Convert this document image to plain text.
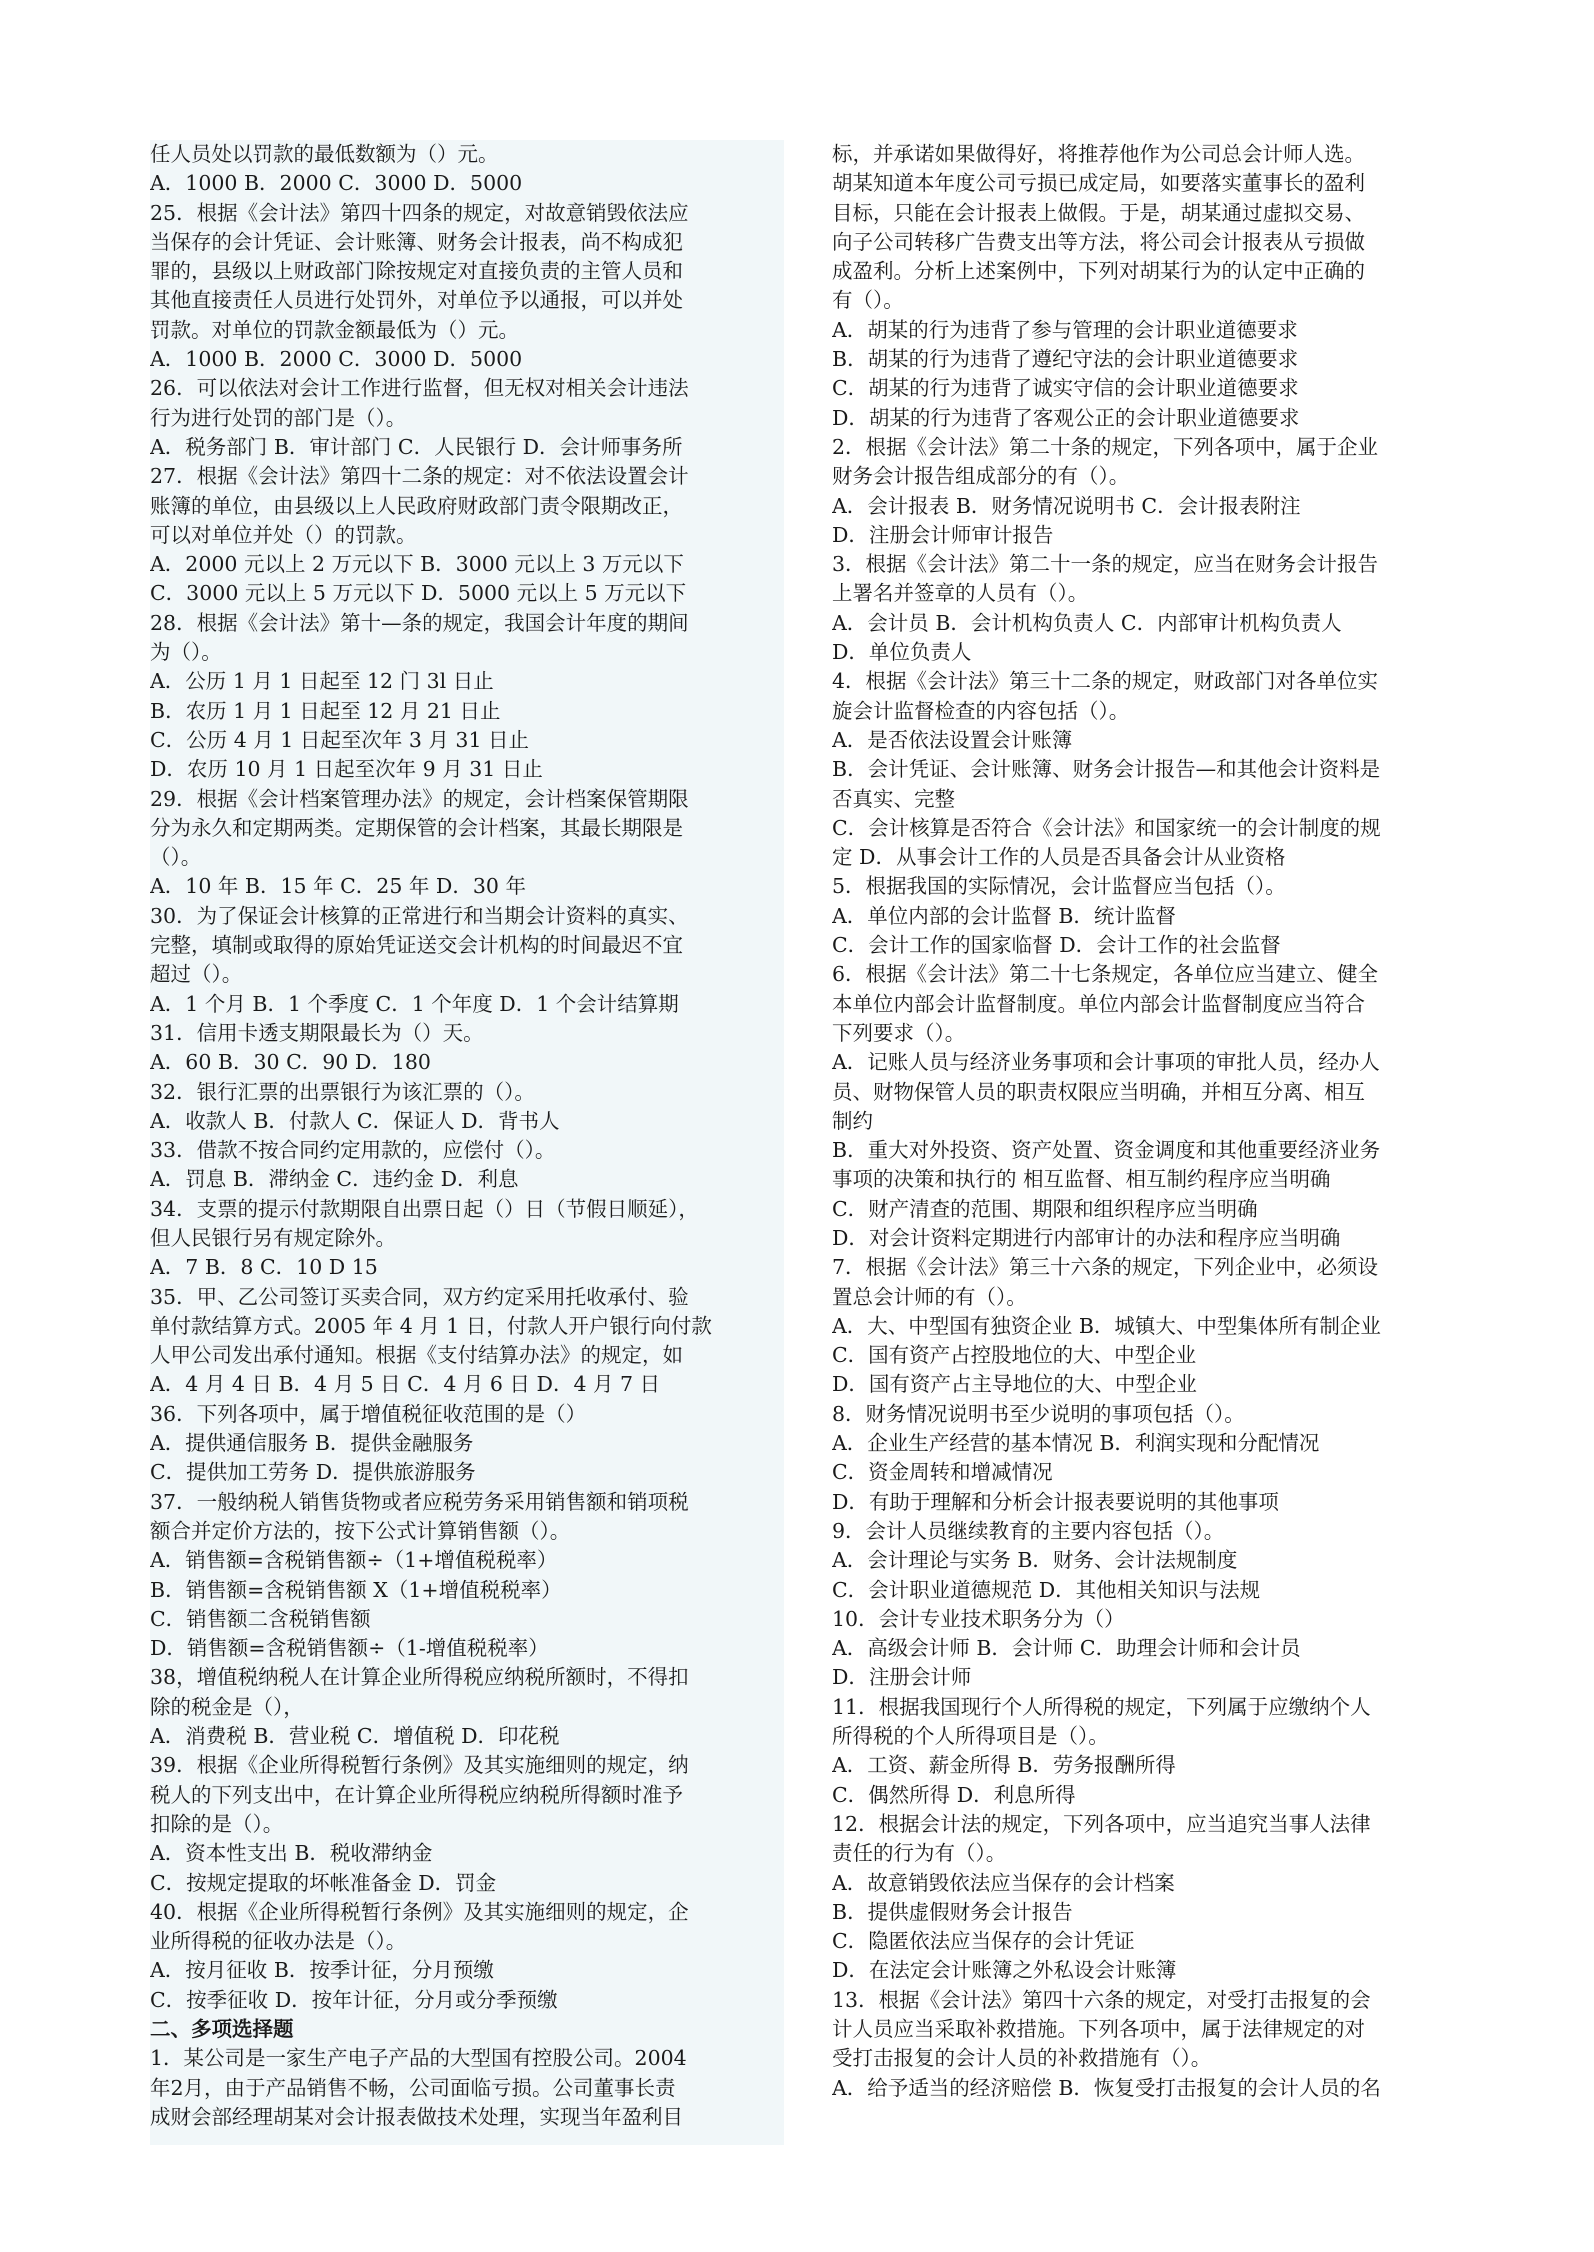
任人员处以罚款的最低数额为（）元。
A．1000 B．2000 C．3000 D．5000
25．根据《会计法》第四十四条的规定，对故意销毁依法应
当保存的会计凭证、会计账簿、财务会计报表，尚不构成犯
罪的，县级以上财政部门除按规定对直接负责的主管人员和
其他直接责任人员进行处罚外，对单位予以通报，可以并处
罚款。对单位的罚款金额最低为（）元。
A．1000 B．2000 C．3000 D．5000
26．可以依法对会计工作进行监督，但无权对相关会计违法
行为进行处罚的部门是（）。
A．税务部门 B．审计部门 C．人民银行 D．会计师事务所
27．根据《会计法》第四十二条的规定：对不依法设置会计
账簿的单位，由县级以上人民政府财政部门责令限期改正，
可以对单位并处（）的罚款。
A．2000 元以上 2 万元以下 B．3000 元以上 3 万元以下
C．3000 元以上 5 万元以下 D．5000 元以上 5 万元以下
28．根据《会计法》第十—条的规定，我国会计年度的期间
为（）。
A．公历 1 月 1 日起至 12 门 3l 日止
B．农历 1 月 1 日起至 12 月 21 日止
C．公历 4 月 1 日起至次年 3 月 31 日止
D．农历 10 月 1 日起至次年 9 月 31 日止
29．根据《会计档案管理办法》的规定，会计档案保管期限
分为永久和定期两类。定期保管的会计档案，其最长期限是
（）。
A．10 年 B．15 年 C．25 年 D．30 年
30．为了保证会计核算的正常进行和当期会计资料的真实、
完整，填制或取得的原始凭证送交会计机构的时间最迟不宜
超过（）。
A．1 个月 B．1 个季度 C．1 个年度 D．1 个会计结算期
31．信用卡透支期限最长为（）天。
A．60 B．30 C．90 D．180
32．银行汇票的出票银行为该汇票的（）。
A．收款人 B．付款人 C．保证人 D．背书人
33．借款不按合同约定用款的，应偿付（）。
A．罚息 B．滞纳金 C．违约金 D．利息
34．支票的提示付款期限自出票日起（）日（节假日顺延），
但人民银行另有规定除外。
A．7 B．8 C．10 D 15
35．甲、乙公司签订买卖合同，双方约定采用托收承付、验
单付款结算方式。2005 年 4 月 1 日，付款人开户银行向付款
人甲公司发出承付通知。根据《支付结算办法》的规定，如
A．4 月 4 日 B．4 月 5 日 C．4 月 6 日 D．4 月 7 日
36．下列各项中，属于增值税征收范围的是（）
A．提供通信服务 B．提供金融服务
C．提供加工劳务 D．提供旅游服务
37．一般纳税人销售货物或者应税劳务采用销售额和销项税
额合并定价方法的，按下公式计算销售额（）。
A．销售额=含税销售额÷（1+增值税税率）
B．销售额=含税销售额 X（1+增值税税率）
C．销售额二含税销售额
D．销售额=含税销售额÷（1-增值税税率）
38，增值税纳税人在计算企业所得税应纳税所额时，不得扣
除的税金是（），
A．消费税 B．营业税 C．增值税 D．印花税
39．根据《企业所得税暂行条例》及其实施细则的规定，纳
税人的下列支出中，在计算企业所得税应纳税所得额时准予
扣除的是（）。
A．资本性支出 B．税收滞纳金
C．按规定提取的坏帐准备金 D．罚金
40．根据《企业所得税暂行条例》及其实施细则的规定，企
业所得税的征收办法是（）。
A．按月征收 B．按季计征，分月预缴
C．按季征收 D．按年计征，分月或分季预缴
二、多项选择题
1．某公司是一家生产电子产品的大型国有控股公司。2004
年2月，由于产品销售不畅，公司面临亏损。公司董事长责
成财会部经理胡某对会计报表做技术处理，实现当年盈利目
标，并承诺如果做得好，将推荐他作为公司总会计师人选。
胡某知道本年度公司亏损已成定局，如要落实董事长的盈利
目标，只能在会计报表上做假。于是，胡某通过虚拟交易、
向子公司转移广告费支出等方法，将公司会计报表从亏损做
成盈利。分析上述案例中，下列对胡某行为的认定中正确的
有（）。
A．胡某的行为违背了参与管理的会计职业道德要求
B．胡某的行为违背了遵纪守法的会计职业道德要求
C．胡某的行为违背了诚实守信的会计职业道德要求
D．胡某的行为违背了客观公正的会计职业道德要求
2．根据《会计法》第二十条的规定，下列各项中，属于企业
财务会计报告组成部分的有（）。
A．会计报表 B．财务情况说明书 C．会计报表附注
D．注册会计师审计报告
3．根据《会计法》第二十一条的规定，应当在财务会计报告
上署名并签章的人员有（）。
A．会计员 B．会计机构负责人 C．内部审计机构负责人
D．单位负责人
4．根据《会计法》第三十二条的规定，财政部门对各单位实
旋会计监督检查的内容包括（）。
A．是否依法设置会计账簿
B．会计凭证、会计账簿、财务会计报告—和其他会计资料是
否真实、完整
C．会计核算是否符合《会计法》和国家统一的会计制度的规
定 D．从事会计工作的人员是否具备会计从业资格
5．根据我国的实际情况，会计监督应当包括（）。
A．单位内部的会计监督 B．统计监督
C．会计工作的国家临督 D．会计工作的社会监督
6．根据《会计法》第二十七条规定，各单位应当建立、健全
本单位内部会计监督制度。单位内部会计监督制度应当符合
下列要求（）。
A．记账人员与经济业务事项和会计事项的审批人员，经办人
员、财物保管人员的职责权限应当明确，并相互分离、相互
制约
B．重大对外投资、资产处置、资金调度和其他重要经济业务
事项的决策和执行的 相互监督、相互制约程序应当明确
C．财产清查的范围、期限和组织程序应当明确
D．对会计资料定期进行内部审计的办法和程序应当明确
7．根据《会计法》第三十六条的规定，下列企业中，必须设
置总会计师的有（）。
A．大、中型国有独资企业 B．城镇大、中型集体所有制企业
C．国有资产占控股地位的大、中型企业
D．国有资产占主导地位的大、中型企业
8．财务情况说明书至少说明的事项包括（）。
A．企业生产经营的基本情况 B．利润实现和分配情况
C．资金周转和增减情况
D．有助于理解和分析会计报表要说明的其他事项
9．会计人员继续教育的主要内容包括（）。
A．会计理论与实务 B．财务、会计法规制度
C．会计职业道德规范 D．其他相关知识与法规
10．会计专业技术职务分为（）
A．高级会计师 B．会计师 C．助理会计师和会计员
D．注册会计师
11．根据我国现行个人所得税的规定，下列属于应缴纳个人
所得税的个人所得项目是（）。
A．工资、薪金所得 B．劳务报酬所得
C．偶然所得 D．利息所得
12．根据会计法的规定，下列各项中，应当追究当事人法律
责任的行为有（）。
A．故意销毁依法应当保存的会计档案
B．提供虚假财务会计报告
C．隐匿依法应当保存的会计凭证
D．在法定会计账簿之外私设会计账簿
13．根据《会计法》第四十六条的规定，对受打击报复的会
计人员应当采取补救措施。下列各项中，属于法律规定的对
受打击报复的会计人员的补救措施有（）。
A．给予适当的经济赔偿 B．恢复受打击报复的会计人员的名
